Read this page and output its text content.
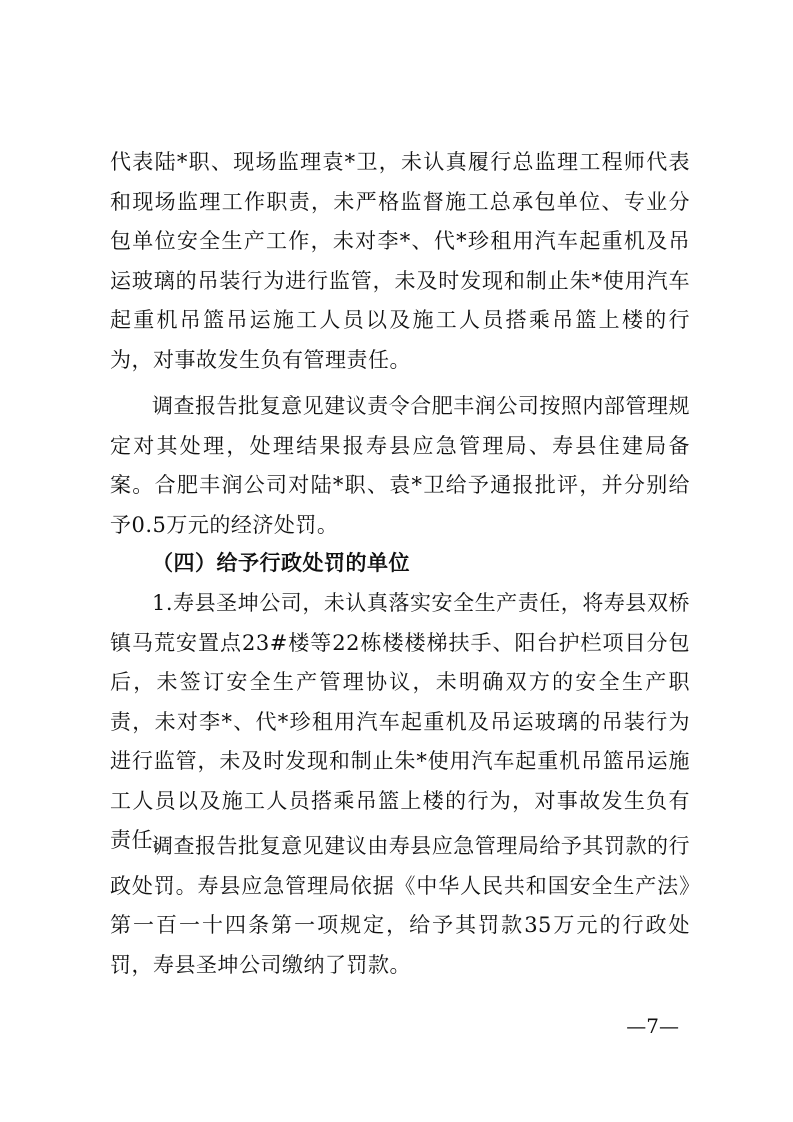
代表陆*职、现场监理袁*卫，未认真履行总监理工程师代表和现场监理工作职责，未严格监督施工总承包单位、专业分包单位安全生产工作，未对李*、代*珍租用汽车起重机及吊运玻璃的吊装行为进行监管，未及时发现和制止朱*使用汽车起重机吊篮吊运施工人员以及施工人员搭乘吊篮上楼的行为，对事故发生负有管理责任。

调查报告批复意见建议责令合肥丰润公司按照内部管理规定对其处理，处理结果报寿县应急管理局、寿县住建局备案。合肥丰润公司对陆*职、袁*卫给予通报批评，并分别给予0.5万元的经济处罚。

（四）给予行政处罚的单位

1.寿县圣坤公司，未认真落实安全生产责任，将寿县双桥镇马荒安置点23#楼等22栋楼楼梯扶手、阳台护栏项目分包后，未签订安全生产管理协议，未明确双方的安全生产职责，未对李*、代*珍租用汽车起重机及吊运玻璃的吊装行为进行监管，未及时发现和制止朱*使用汽车起重机吊篮吊运施工人员以及施工人员搭乘吊篮上楼的行为，对事故发生负有责任。

调查报告批复意见建议由寿县应急管理局给予其罚款的行政处罚。寿县应急管理局依据《中华人民共和国安全生产法》第一百一十四条第一项规定，给予其罚款35万元的行政处罚，寿县圣坤公司缴纳了罚款。

—7—
